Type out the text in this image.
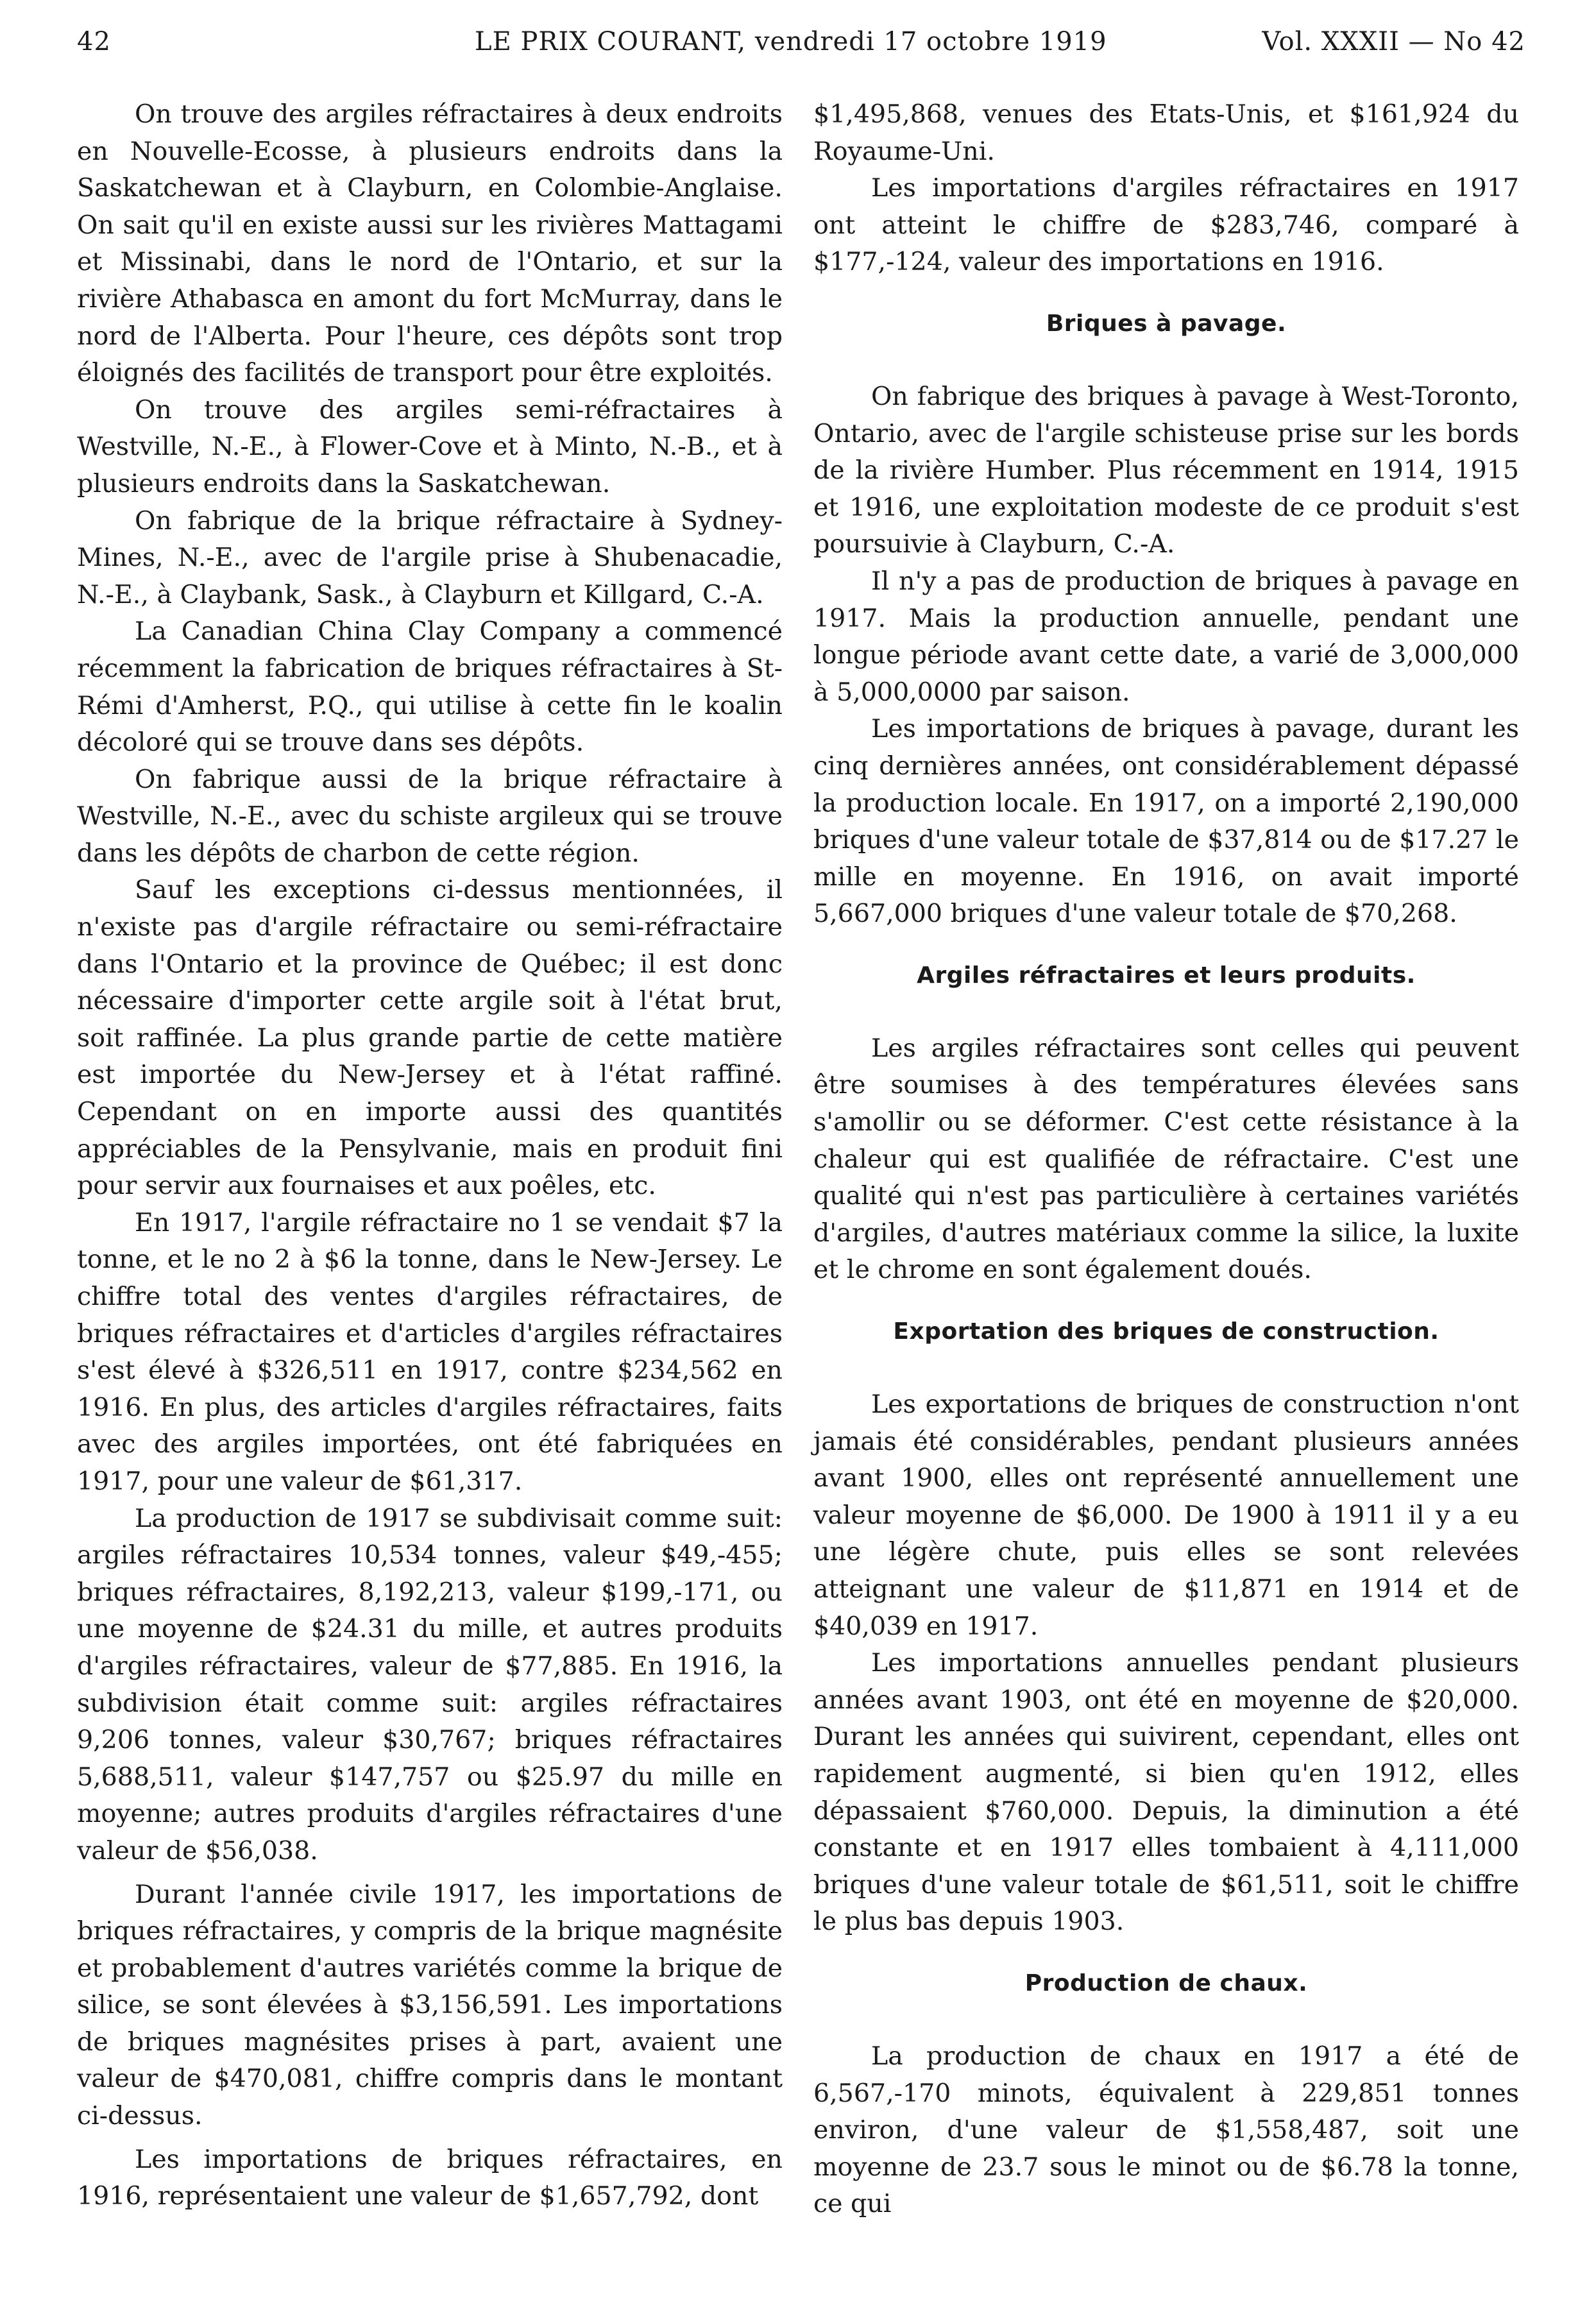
42	LE PRIX COURANT, vendredi 17 octobre 1919	Vol. XXXII — No 42

On trouve des argiles réfractaires à deux endroits en Nouvelle-Ecosse, à plusieurs endroits dans la Saskatchewan et à Clayburn, en Colombie-Anglaise. On sait qu'il en existe aussi sur les rivières Mattagami et Missinabi, dans le nord de l'Ontario, et sur la rivière Athabasca en amont du fort McMurray, dans le nord de l'Alberta. Pour l'heure, ces dépôts sont trop éloignés des facilités de transport pour être exploités.

On trouve des argiles semi-réfractaires à Westville, N.-E., à Flower-Cove et à Minto, N.-B., et à plusieurs endroits dans la Saskatchewan.

On fabrique de la brique réfractaire à Sydney-Mines, N.-E., avec de l'argile prise à Shubenacadie, N.-E., à Claybank, Sask., à Clayburn et Killgard, C.-A.

La Canadian China Clay Company a commencé récemment la fabrication de briques réfractaires à St-Rémi d'Amherst, P.Q., qui utilise à cette fin le koalin décoloré qui se trouve dans ses dépôts.

On fabrique aussi de la brique réfractaire à Westville, N.-E., avec du schiste argileux qui se trouve dans les dépôts de charbon de cette région.

Sauf les exceptions ci-dessus mentionnées, il n'existe pas d'argile réfractaire ou semi-réfractaire dans l'Ontario et la province de Québec; il est donc nécessaire d'importer cette argile soit à l'état brut, soit raffinée. La plus grande partie de cette matière est importée du New-Jersey et à l'état raffiné. Cependant on en importe aussi des quantités appréciables de la Pensylvanie, mais en produit fini pour servir aux fournaises et aux poêles, etc.

En 1917, l'argile réfractaire no 1 se vendait $7 la tonne, et le no 2 à $6 la tonne, dans le New-Jersey. Le chiffre total des ventes d'argiles réfractaires, de briques réfractaires et d'articles d'argiles réfractaires s'est élevé à $326,511 en 1917, contre $234,562 en 1916. En plus, des articles d'argiles réfractaires, faits avec des argiles importées, ont été fabriquées en 1917, pour une valeur de $61,317.

La production de 1917 se subdivisait comme suit: argiles réfractaires 10,534 tonnes, valeur $49,-455; briques réfractaires, 8,192,213, valeur $199,-171, ou une moyenne de $24.31 du mille, et autres produits d'argiles réfractaires, valeur de $77,885. En 1916, la subdivision était comme suit: argiles réfractaires 9,206 tonnes, valeur $30,767; briques réfractaires 5,688,511, valeur $147,757 ou $25.97 du mille en moyenne; autres produits d'argiles réfractaires d'une valeur de $56,038.

Durant l'année civile 1917, les importations de briques réfractaires, y compris de la brique magnésite et probablement d'autres variétés comme la brique de silice, se sont élevées à $3,156,591. Les importations de briques magnésites prises à part, avaient une valeur de $470,081, chiffre compris dans le montant ci-dessus.

Les importations de briques réfractaires, en 1916, représentaient une valeur de $1,657,792, dont

$1,495,868, venues des Etats-Unis, et $161,924 du Royaume-Uni.

Les importations d'argiles réfractaires en 1917 ont atteint le chiffre de $283,746, comparé à $177,-124, valeur des importations en 1916.

Briques à pavage.

On fabrique des briques à pavage à West-Toronto, Ontario, avec de l'argile schisteuse prise sur les bords de la rivière Humber. Plus récemment en 1914, 1915 et 1916, une exploitation modeste de ce produit s'est poursuivie à Clayburn, C.-A.

Il n'y a pas de production de briques à pavage en 1917. Mais la production annuelle, pendant une longue période avant cette date, a varié de 3,000,000 à 5,000,0000 par saison.

Les importations de briques à pavage, durant les cinq dernières années, ont considérablement dépassé la production locale. En 1917, on a importé 2,190,000 briques d'une valeur totale de $37,814 ou de $17.27 le mille en moyenne. En 1916, on avait importé 5,667,000 briques d'une valeur totale de $70,268.

Argiles réfractaires et leurs produits.

Les argiles réfractaires sont celles qui peuvent être soumises à des températures élevées sans s'amollir ou se déformer. C'est cette résistance à la chaleur qui est qualifiée de réfractaire. C'est une qualité qui n'est pas particulière à certaines variétés d'argiles, d'autres matériaux comme la silice, la luxite et le chrome en sont également doués.

Exportation des briques de construction.

Les exportations de briques de construction n'ont jamais été considérables, pendant plusieurs années avant 1900, elles ont représenté annuellement une valeur moyenne de $6,000. De 1900 à 1911 il y a eu une légère chute, puis elles se sont relevées atteignant une valeur de $11,871 en 1914 et de $40,039 en 1917.

Les importations annuelles pendant plusieurs années avant 1903, ont été en moyenne de $20,000. Durant les années qui suivirent, cependant, elles ont rapidement augmenté, si bien qu'en 1912, elles dépassaient $760,000. Depuis, la diminution a été constante et en 1917 elles tombaient à 4,111,000 briques d'une valeur totale de $61,511, soit le chiffre le plus bas depuis 1903.

Production de chaux.

La production de chaux en 1917 a été de 6,567,-170 minots, équivalent à 229,851 tonnes environ, d'une valeur de $1,558,487, soit une moyenne de 23.7 sous le minot ou de $6.78 la tonne, ce qui
